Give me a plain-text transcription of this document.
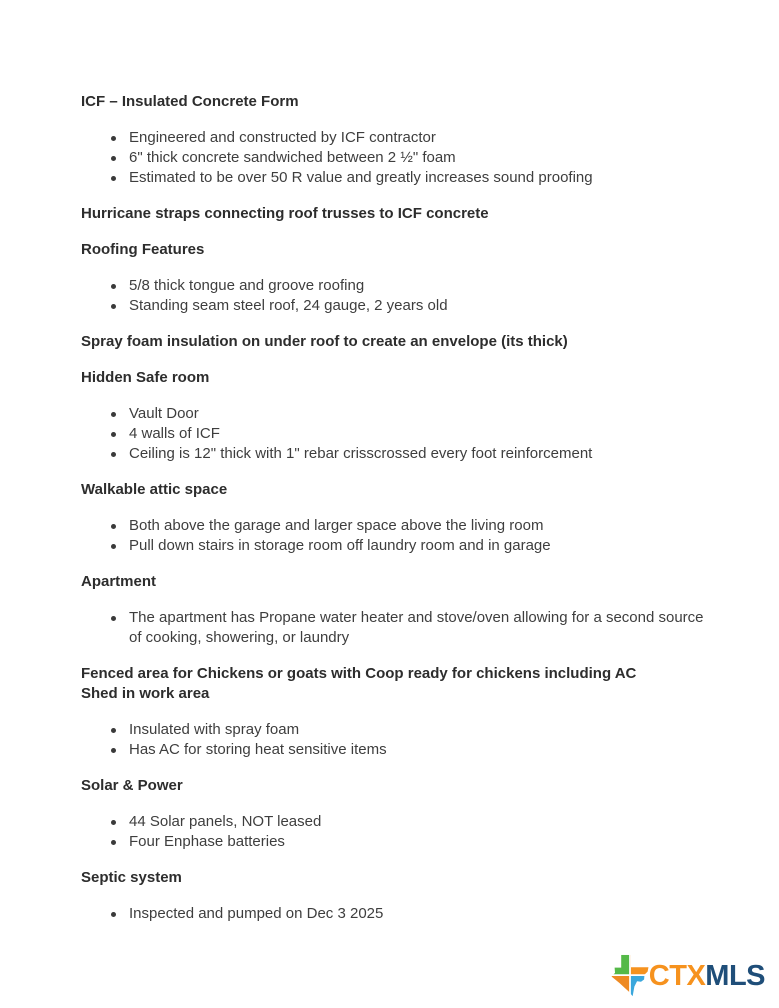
ICF – Insulated Concrete Form
Engineered and constructed by ICF contractor
6" thick concrete sandwiched between 2 ½" foam
Estimated to be over 50 R value and greatly increases sound proofing
Hurricane straps connecting roof trusses to ICF concrete
Roofing Features
5/8 thick tongue and groove roofing
Standing seam steel roof, 24 gauge, 2 years old
Spray foam insulation on under roof to create an envelope (its thick)
Hidden Safe room
Vault Door
4 walls of ICF
Ceiling is 12" thick with 1" rebar crisscrossed every foot reinforcement
Walkable attic space
Both above the garage and larger space above the living room
Pull down stairs in storage room off laundry room and in garage
Apartment
The apartment has Propane water heater and stove/oven allowing for a second source of cooking, showering, or laundry
Fenced area for Chickens or goats with Coop ready for chickens including AC
Shed in work area
Insulated with spray foam
Has AC for storing heat sensitive items
Solar & Power
44 Solar panels, NOT leased
Four Enphase batteries
Septic system
Inspected and pumped on Dec 3 2025
CTX MLS
